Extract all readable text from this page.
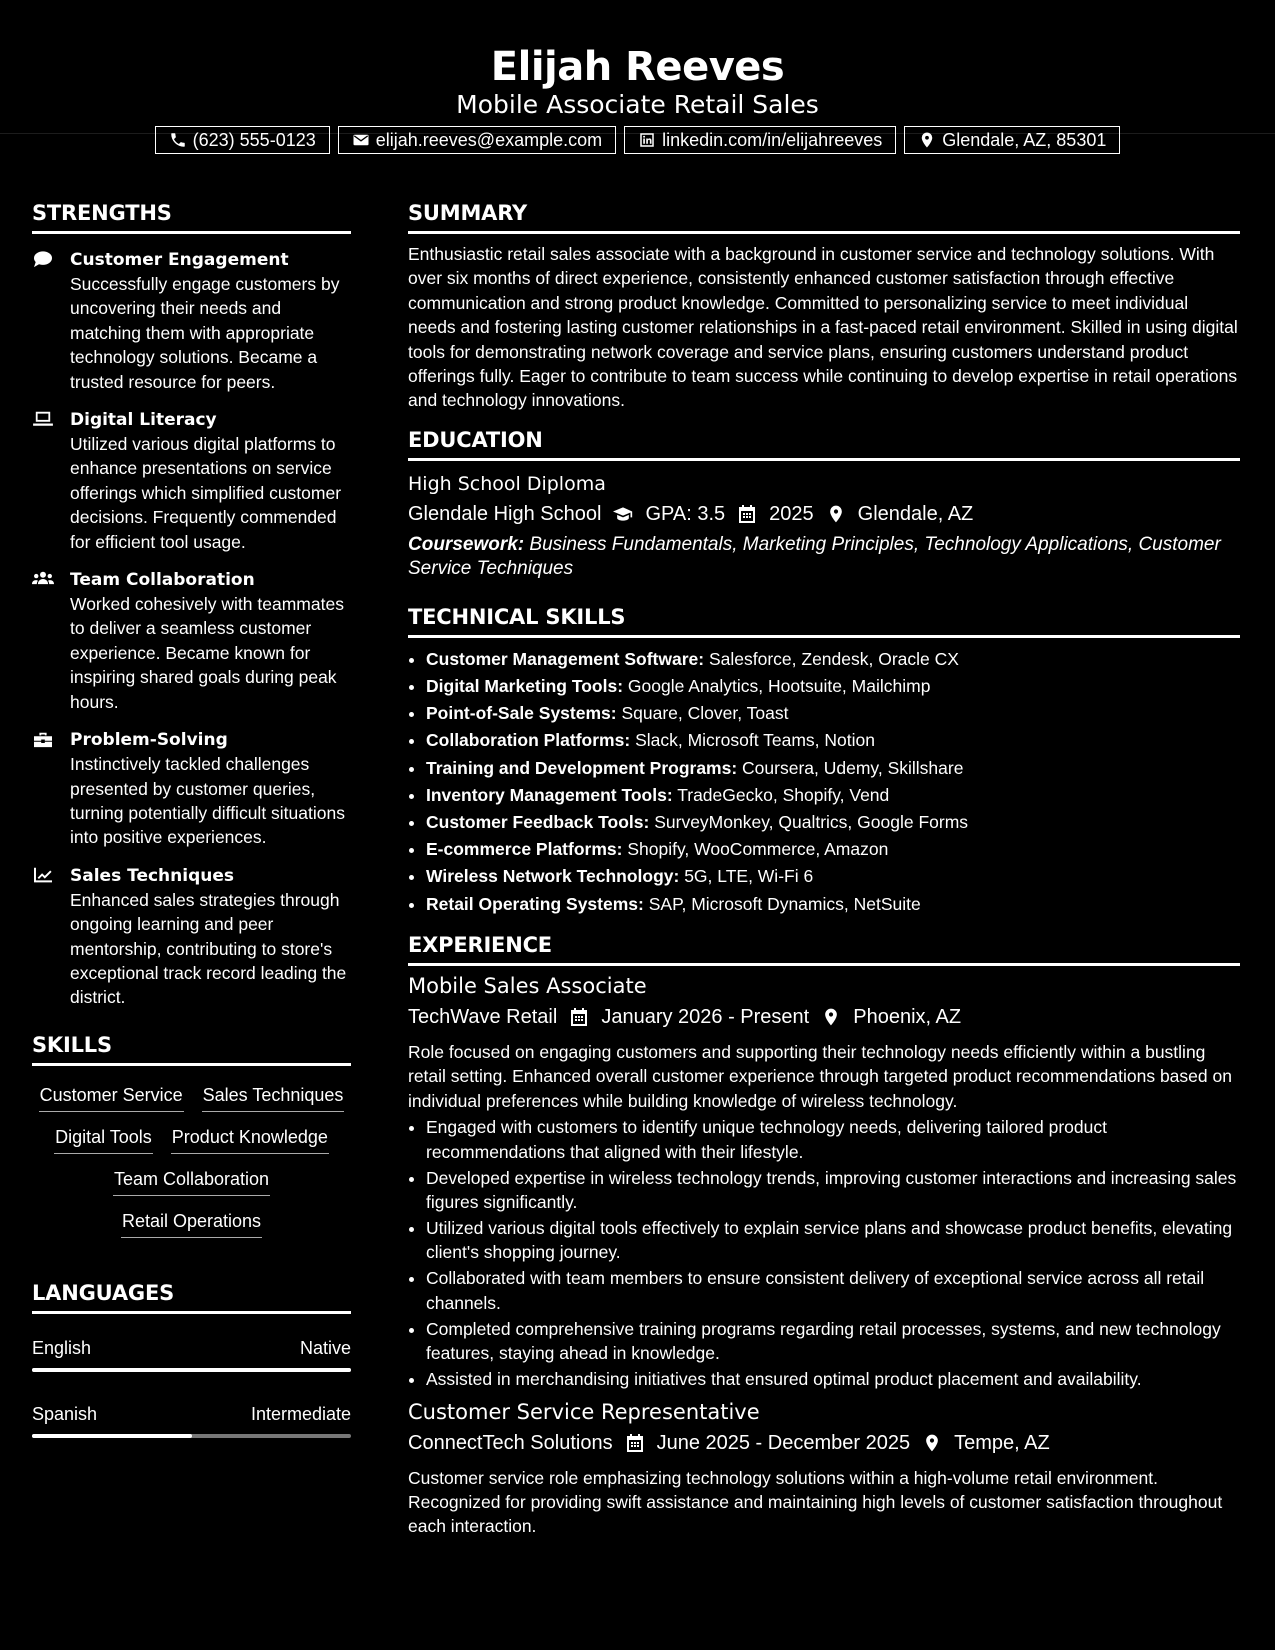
Elijah Reeves
Mobile Associate Retail Sales
(623) 555-0123	elijah.reeves@example.com	linkedin.com/in/elijahreeves	Glendale, AZ, 85301
STRENGTHS
Customer Engagement
Successfully engage customers by uncovering their needs and matching them with appropriate technology solutions. Became a trusted resource for peers.
Digital Literacy
Utilized various digital platforms to enhance presentations on service offerings which simplified customer decisions. Frequently commended for efficient tool usage.
Team Collaboration
Worked cohesively with teammates to deliver a seamless customer experience. Became known for inspiring shared goals during peak hours.
Problem-Solving
Instinctively tackled challenges presented by customer queries, turning potentially difficult situations into positive experiences.
Sales Techniques
Enhanced sales strategies through ongoing learning and peer mentorship, contributing to store's exceptional track record leading the district.
SKILLS
Customer Service Sales Techniques
Digital Tools Product Knowledge
Team Collaboration
Retail Operations
LANGUAGES
English	Native
Spanish	Intermediate
SUMMARY

Enthusiastic retail sales associate with a background in customer service and technology solutions. With over six months of direct experience, consistently enhanced customer satisfaction through effective communication and strong product knowledge. Committed to personalizing service to meet individual needs and fostering lasting customer relationships in a fast-paced retail environment. Skilled in using digital tools for demonstrating network coverage and service plans, ensuring customers understand product offerings fully. Eager to contribute to team success while continuing to develop expertise in retail operations and technology innovations.

EDUCATION
High School Diploma
Glendale High School GPA: 3.5 2025 Glendale, AZ
Coursework: Business Fundamentals, Marketing Principles, Technology Applications, Customer Service Techniques
TECHNICAL SKILLS
• Customer Management Software: Salesforce, Zendesk, Oracle CX
• Digital Marketing Tools: Google Analytics, Hootsuite, Mailchimp
• Point-of-Sale Systems: Square, Clover, Toast
• Collaboration Platforms: Slack, Microsoft Teams, Notion
• Training and Development Programs: Coursera, Udemy, Skillshare
• Inventory Management Tools: TradeGecko, Shopify, Vend
• Customer Feedback Tools: SurveyMonkey, Qualtrics, Google Forms
• E-commerce Platforms: Shopify, WooCommerce, Amazon
• Wireless Network Technology: 5G, LTE, Wi-Fi 6
• Retail Operating Systems: SAP, Microsoft Dynamics, NetSuite
EXPERIENCE
Mobile Sales Associate
TechWave Retail January 2026 - Present Phoenix, AZ

Role focused on engaging customers and supporting their technology needs efficiently within a bustling retail setting. Enhanced overall customer experience through targeted product recommendations based on individual preferences while building knowledge of wireless technology.

• Engaged with customers to identify unique technology needs, delivering tailored product recommendations that aligned with their lifestyle.
• Developed expertise in wireless technology trends, improving customer interactions and increasing sales figures significantly.
• Utilized various digital tools effectively to explain service plans and showcase product benefits, elevating client's shopping journey.
• Collaborated with team members to ensure consistent delivery of exceptional service across all retail channels.
• Completed comprehensive training programs regarding retail processes, systems, and new technology features, staying ahead in knowledge.
• Assisted in merchandising initiatives that ensured optimal product placement and availability.
Customer Service Representative
ConnectTech Solutions June 2025 - December 2025 Tempe, AZ

Customer service role emphasizing technology solutions within a high-volume retail environment. Recognized for providing swift assistance and maintaining high levels of customer satisfaction throughout each interaction.
